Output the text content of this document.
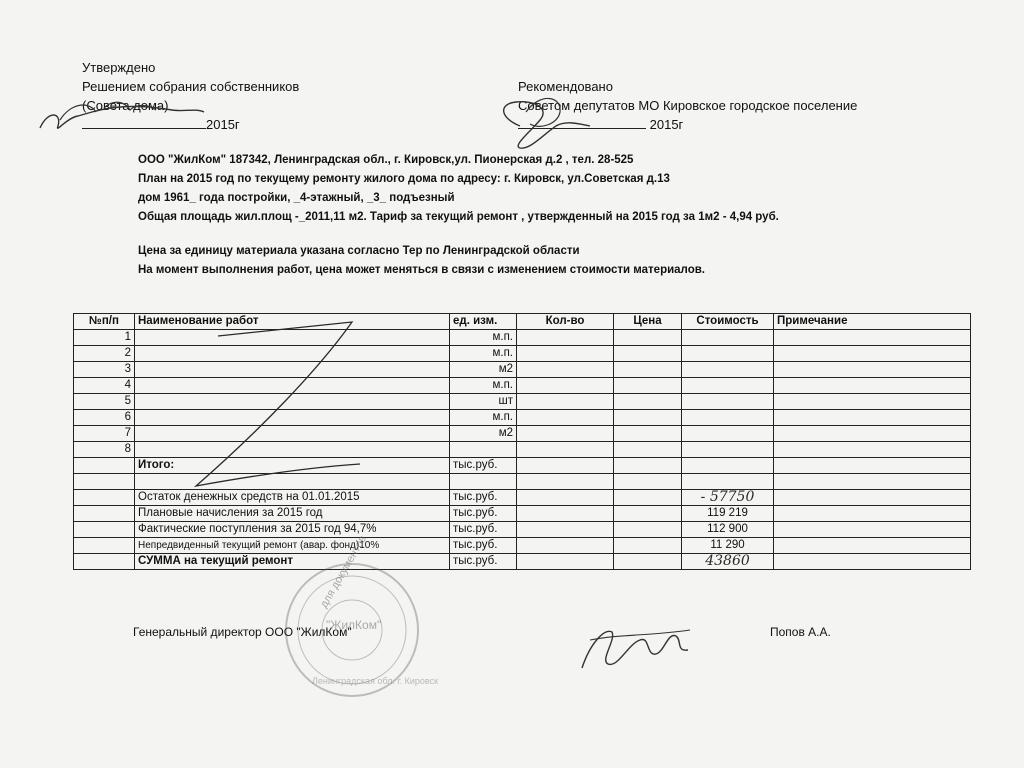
Утверждено
Решением собрания собственников
(Совета дома)
2015г
Рекомендовано
Советом депутатов МО Кировское городское поселение
2015г
ООО "ЖилКом" 187342, Ленинградская обл., г. Кировск,ул. Пионерская д.2 , тел. 28-525
План на 2015 год по текущему ремонту жилого дома по адресу: г. Кировск, ул.Советская д.13
дом 1961_ года постройки, _4-этажный, _3_ подъезный
Общая площадь жил.площ -_2011,11 м2. Тариф за текущий ремонт , утвержденный на 2015 год за 1м2 - 4,94 руб.
Цена за единицу материала указана согласно Тер по Ленинградской области
На момент выполнения работ, цена может меняться в связи с изменением стоимости материалов.
№п/п	Наименование работ	ед. изм.	Кол-во	Цена	Стоимость	Примечание
1		м.п.				
2		м.п.				
3		м2				
4		м.п.				
5		шт				
6		м.п.				
7		м2				
8						
	Итого:	тыс.руб.				

	Остаток денежных средств на 01.01.2015	тыс.руб.			- 57750	
	Плановые начисления за 2015 год	тыс.руб.			119 219	
	Фактические поступления за 2015 год 94,7%	тыс.руб.			112 900	
	Непредвиденный текущий ремонт (авар. фонд)10%	тыс.руб.			11 290	
	СУММА на текущий ремонт	тыс.руб.			43860	
Генеральный директор ООО "ЖилКом"	Попов А.А.
для документов
"ЖилКом"
Ленинградская обл. г. Кировск
